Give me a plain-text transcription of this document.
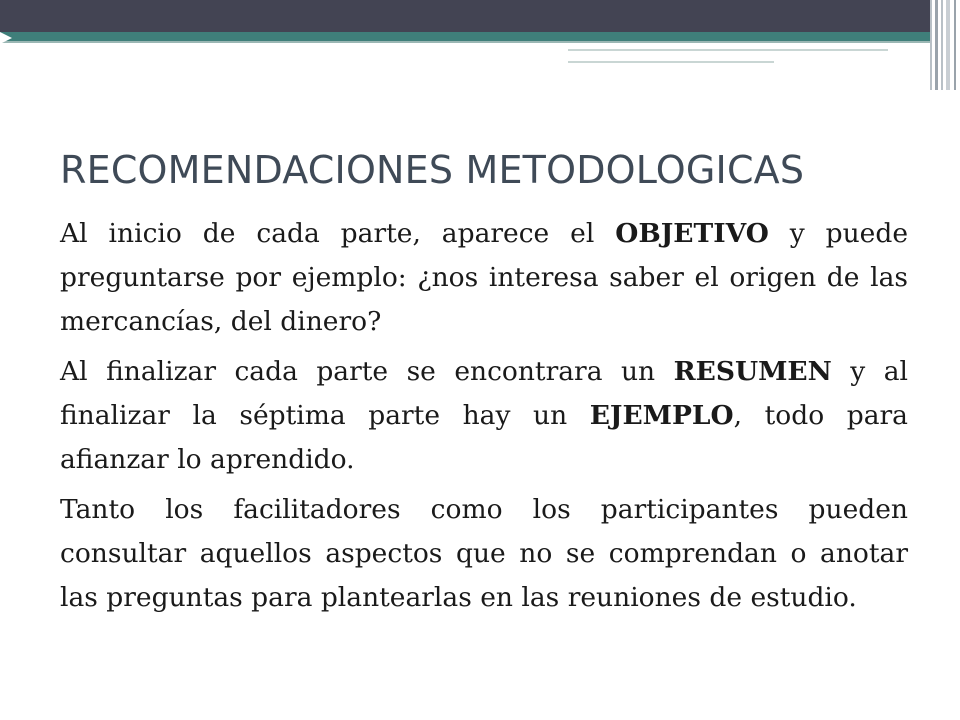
RECOMENDACIONES METODOLOGICAS

Al inicio de cada parte, aparece el OBJETIVO y puede preguntarse por ejemplo: ¿nos interesa saber el origen de las mercancías, del dinero?

Al finalizar cada parte se encontrara un RESUMEN y al finalizar la séptima parte hay un EJEMPLO, todo para afianzar lo aprendido.

Tanto los facilitadores como los participantes pueden consultar aquellos aspectos que no se comprendan o anotar las preguntas para plantearlas en las reuniones de estudio.
